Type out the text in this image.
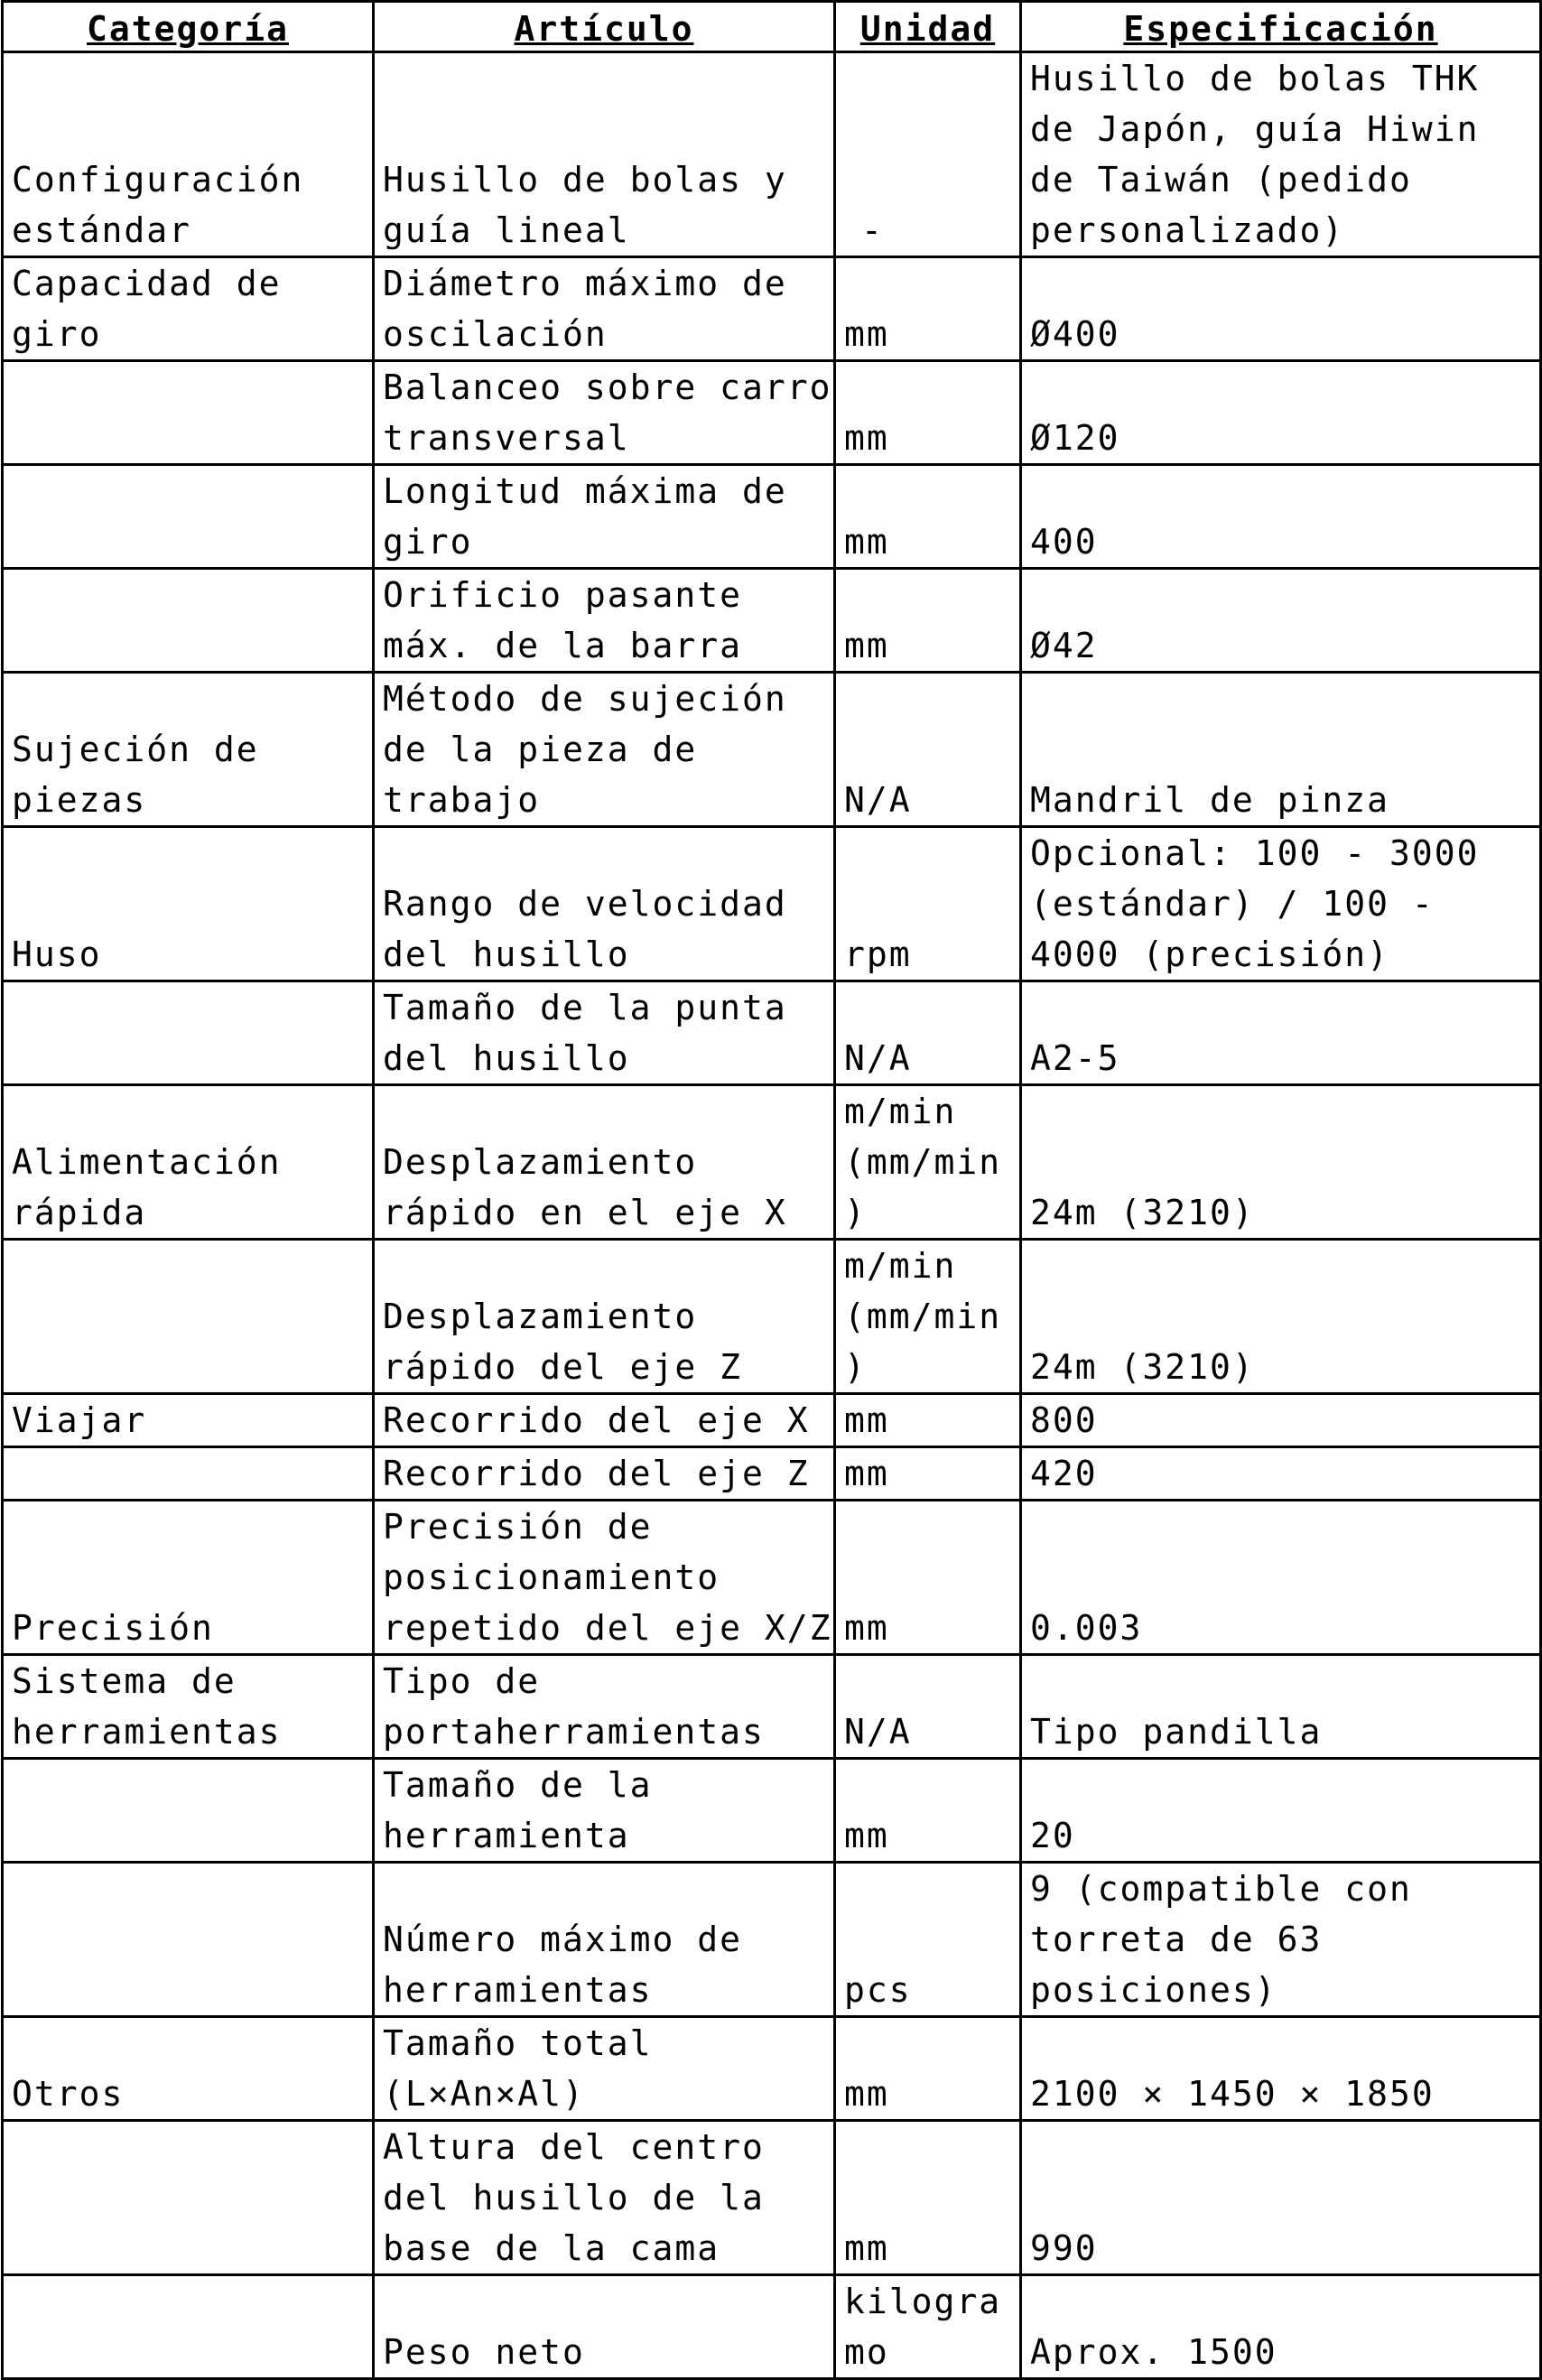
Categoría	Artículo	Unidad	Especificación
Configuración estándar	Husillo de bolas y guía lineal	-	Husillo de bolas THK de Japón, guía Hiwin de Taiwán (pedido personalizado)
Capacidad de giro	Diámetro máximo de oscilación	mm	Ø400
	Balanceo sobre carro transversal	mm	Ø120
	Longitud máxima de giro	mm	400
	Orificio pasante máx. de la barra	mm	Ø42
Sujeción de piezas	Método de sujeción de la pieza de trabajo	N/A	Mandril de pinza
Huso	Rango de velocidad del husillo	rpm	Opcional: 100 - 3000 (estándar) / 100 - 4000 (precisión)
	Tamaño de la punta del husillo	N/A	A2-5
Alimentación rápida	Desplazamiento rápido en el eje X	m/min (mm/min)	24m (3210)
	Desplazamiento rápido del eje Z	m/min (mm/min)	24m (3210)
Viajar	Recorrido del eje X	mm	800
	Recorrido del eje Z	mm	420
Precisión	Precisión de posicionamiento repetido del eje X/Z	mm	0.003
Sistema de herramientas	Tipo de portaherramientas	N/A	Tipo pandilla
	Tamaño de la herramienta	mm	20
	Número máximo de herramientas	pcs	9 (compatible con torreta de 63 posiciones)
Otros	Tamaño total (L×An×Al)	mm	2100 × 1450 × 1850
	Altura del centro del husillo de la base de la cama	mm	990
	Peso neto	kilogramo	Aprox. 1500
